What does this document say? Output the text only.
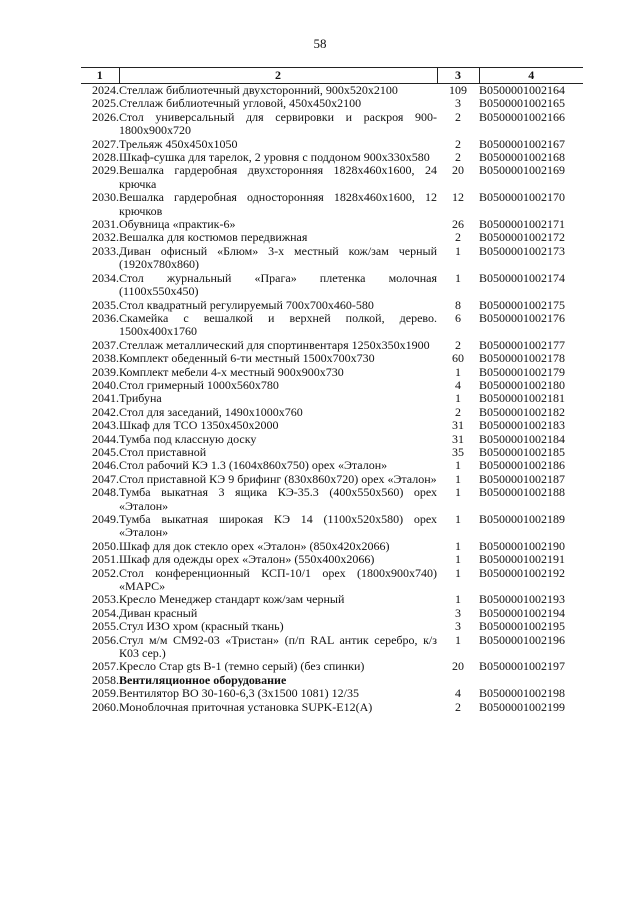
58
1	2	3	4
2024.	Стеллаж библиотечный двухсторонний, 900х520х2100	109	B0500001002164
2025.	Стеллаж библиотечный угловой, 450х450х2100	3	B0500001002165
2026.	Стол универсальный для сервировки и раскроя 900-1800х900х720	2	B0500001002166
2027.	Трельяж 450х450х1050	2	B0500001002167
2028.	Шкаф-сушка для тарелок, 2 уровня с поддоном 900х330х580	2	B0500001002168
2029.	Вешалка гардеробная двухсторонняя 1828х460х1600, 24 крючка	20	B0500001002169
2030.	Вешалка гардеробная односторонняя 1828х460х1600, 12 крючков	12	B0500001002170
2031.	Обувница «практик-6»	26	B0500001002171
2032.	Вешалка для костюмов передвижная	2	B0500001002172
2033.	Диван офисный «Блюм» 3-х местный кож/зам черный (1920х780х860)	1	B0500001002173
2034.	Стол журнальный «Прага» плетенка молочная (1100х550х450)	1	B0500001002174
2035.	Стол квадратный регулируемый 700х700х460-580	8	B0500001002175
2036.	Скамейка с вешалкой и верхней полкой, дерево. 1500х400х1760	6	B0500001002176
2037.	Стеллаж металлический для спортинвентаря 1250х350х1900	2	B0500001002177
2038.	Комплект обеденный 6-ти местный 1500х700х730	60	B0500001002178
2039.	Комплект мебели 4-х местный 900х900х730	1	B0500001002179
2040.	Стол гримерный 1000х560х780	4	B0500001002180
2041.	Трибуна	1	B0500001002181
2042.	Стол для заседаний, 1490х1000х760	2	B0500001002182
2043.	Шкаф для ТСО 1350х450х2000	31	B0500001002183
2044.	Тумба под классную доску	31	B0500001002184
2045.	Стол приставной	35	B0500001002185
2046.	Стол рабочий КЭ 1.3 (1604х860х750) орех «Эталон»	1	B0500001002186
2047.	Стол приставной КЭ 9 брифинг (830х860х720) орех «Эталон»	1	B0500001002187
2048.	Тумба выкатная 3 ящика КЭ-35.3 (400х550х560) орех «Эталон»	1	B0500001002188
2049.	Тумба выкатная широкая КЭ 14 (1100х520х580) орех «Эталон»	1	B0500001002189
2050.	Шкаф для док стекло орех «Эталон» (850х420х2066)	1	B0500001002190
2051.	Шкаф для одежды орех «Эталон» (550х400х2066)	1	B0500001002191
2052.	Стол конференционный КСП-10/1 орех (1800х900х740) «МАРС»	1	B0500001002192
2053.	Кресло Менеджер стандарт кож/зам черный	1	B0500001002193
2054.	Диван красный	3	B0500001002194
2055.	Стул ИЗО хром (красный ткань)	3	B0500001002195
2056.	Стул м/м СМ92-03 «Тристан» (п/п RAL антик серебро, к/з К03 сер.)	1	B0500001002196
2057.	Кресло Стар gts В-1 (темно серый) (без спинки)	20	B0500001002197
2058.	Вентиляционное оборудование		
2059.	Вентилятор ВО 30-160-6,3 (3х1500 1081) 12/35	4	B0500001002198
2060.	Моноблочная приточная установка SUPK-E12(A)	2	B0500001002199
